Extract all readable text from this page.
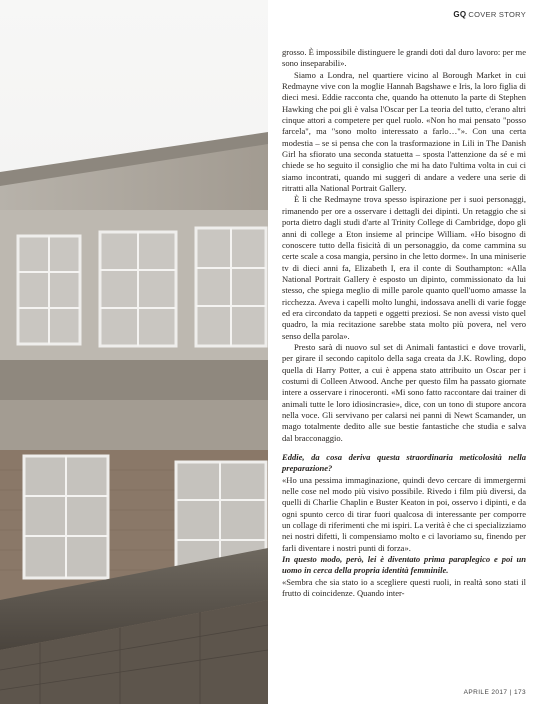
GQ COVER STORY

grosso. È impossibile distinguere le grandi doti dal duro lavoro: per me sono inseparabili».

Siamo a Londra, nel quartiere vicino al Borough Market in cui Redmayne vive con la moglie Hannah Bagshawe e Iris, la loro figlia di dieci mesi. Eddie racconta che, quando ha ottenuto la parte di Stephen Hawking che poi gli è valsa l'Oscar per La teoria del tutto, c'erano altri cinque attori a competere per quel ruolo. «Non ho mai pensato "posso farcela", ma "sono molto interessato a farlo…"». Con una certa modestia – se si pensa che con la trasformazione in Lili in The Danish Girl ha sfiorato una seconda statuetta – sposta l'attenzione da sé e mi chiede se ho seguito il consiglio che mi ha dato l'ultima volta in cui ci siamo incontrati, quando mi suggerì di andare a vedere una serie di ritratti alla National Portrait Gallery.

È lì che Redmayne trova spesso ispirazione per i suoi personaggi, rimanendo per ore a osservare i dettagli dei dipinti. Un retaggio che si porta dietro dagli studi d'arte al Trinity College di Cambridge, dopo gli anni di college a Eton insieme al principe William. «Ho bisogno di conoscere tutto della fisicità di un personaggio, da come cammina su certe scale a cosa mangia, persino in che letto dorme». In una miniserie tv di dieci anni fa, Elizabeth I, era il conte di Southampton: «Alla National Portrait Gallery è esposto un dipinto, commissionato da lui stesso, che spiega meglio di mille parole quanto quell'uomo amasse la ricchezza. Aveva i capelli molto lunghi, indossava anelli di varie fogge ed era circondato da tappeti e oggetti preziosi. Se non avessi visto quel quadro, la mia recitazione sarebbe stata molto più povera, nel vero senso della parola».

Presto sarà di nuovo sul set di Animali fantastici e dove trovarli, per girare il secondo capitolo della saga creata da J.K. Rowling, dopo quella di Harry Potter, a cui è appena stato attribuito un Oscar per i costumi di Colleen Atwood. Anche per questo film ha passato giornate intere a osservare i rinoceronti. «Mi sono fatto raccontare dai trainer di animali tutte le loro idiosincrasie», dice, con un tono di stupore ancora nella voce. Gli servivano per calarsi nei panni di Newt Scamander, un mago totalmente dedito alle sue bestie fantastiche che studia e salva dal bracconaggio.

Eddie, da cosa deriva questa straordinaria meticolosità nella preparazione?

«Ho una pessima immaginazione, quindi devo cercare di immergermi nelle cose nel modo più visivo possibile. Rivedo i film più diversi, da quelli di Charlie Chaplin e Buster Keaton in poi, osservo i dipinti, e da ogni spunto cerco di tirar fuori qualcosa di interessante per comporre un collage di riferimenti che mi ispiri. La verità è che ci specializziamo nei nostri difetti, li compensiamo molto e ci lavoriamo su, finendo per farli diventare i nostri punti di forza».

In questo modo, però, lei è diventato prima paraplegico e poi un uomo in cerca della propria identità femminile.

«Sembra che sia stato io a scegliere questi ruoli, in realtà sono stati il frutto di coincidenze. Quando inter-

APRILE 2017 | 173
